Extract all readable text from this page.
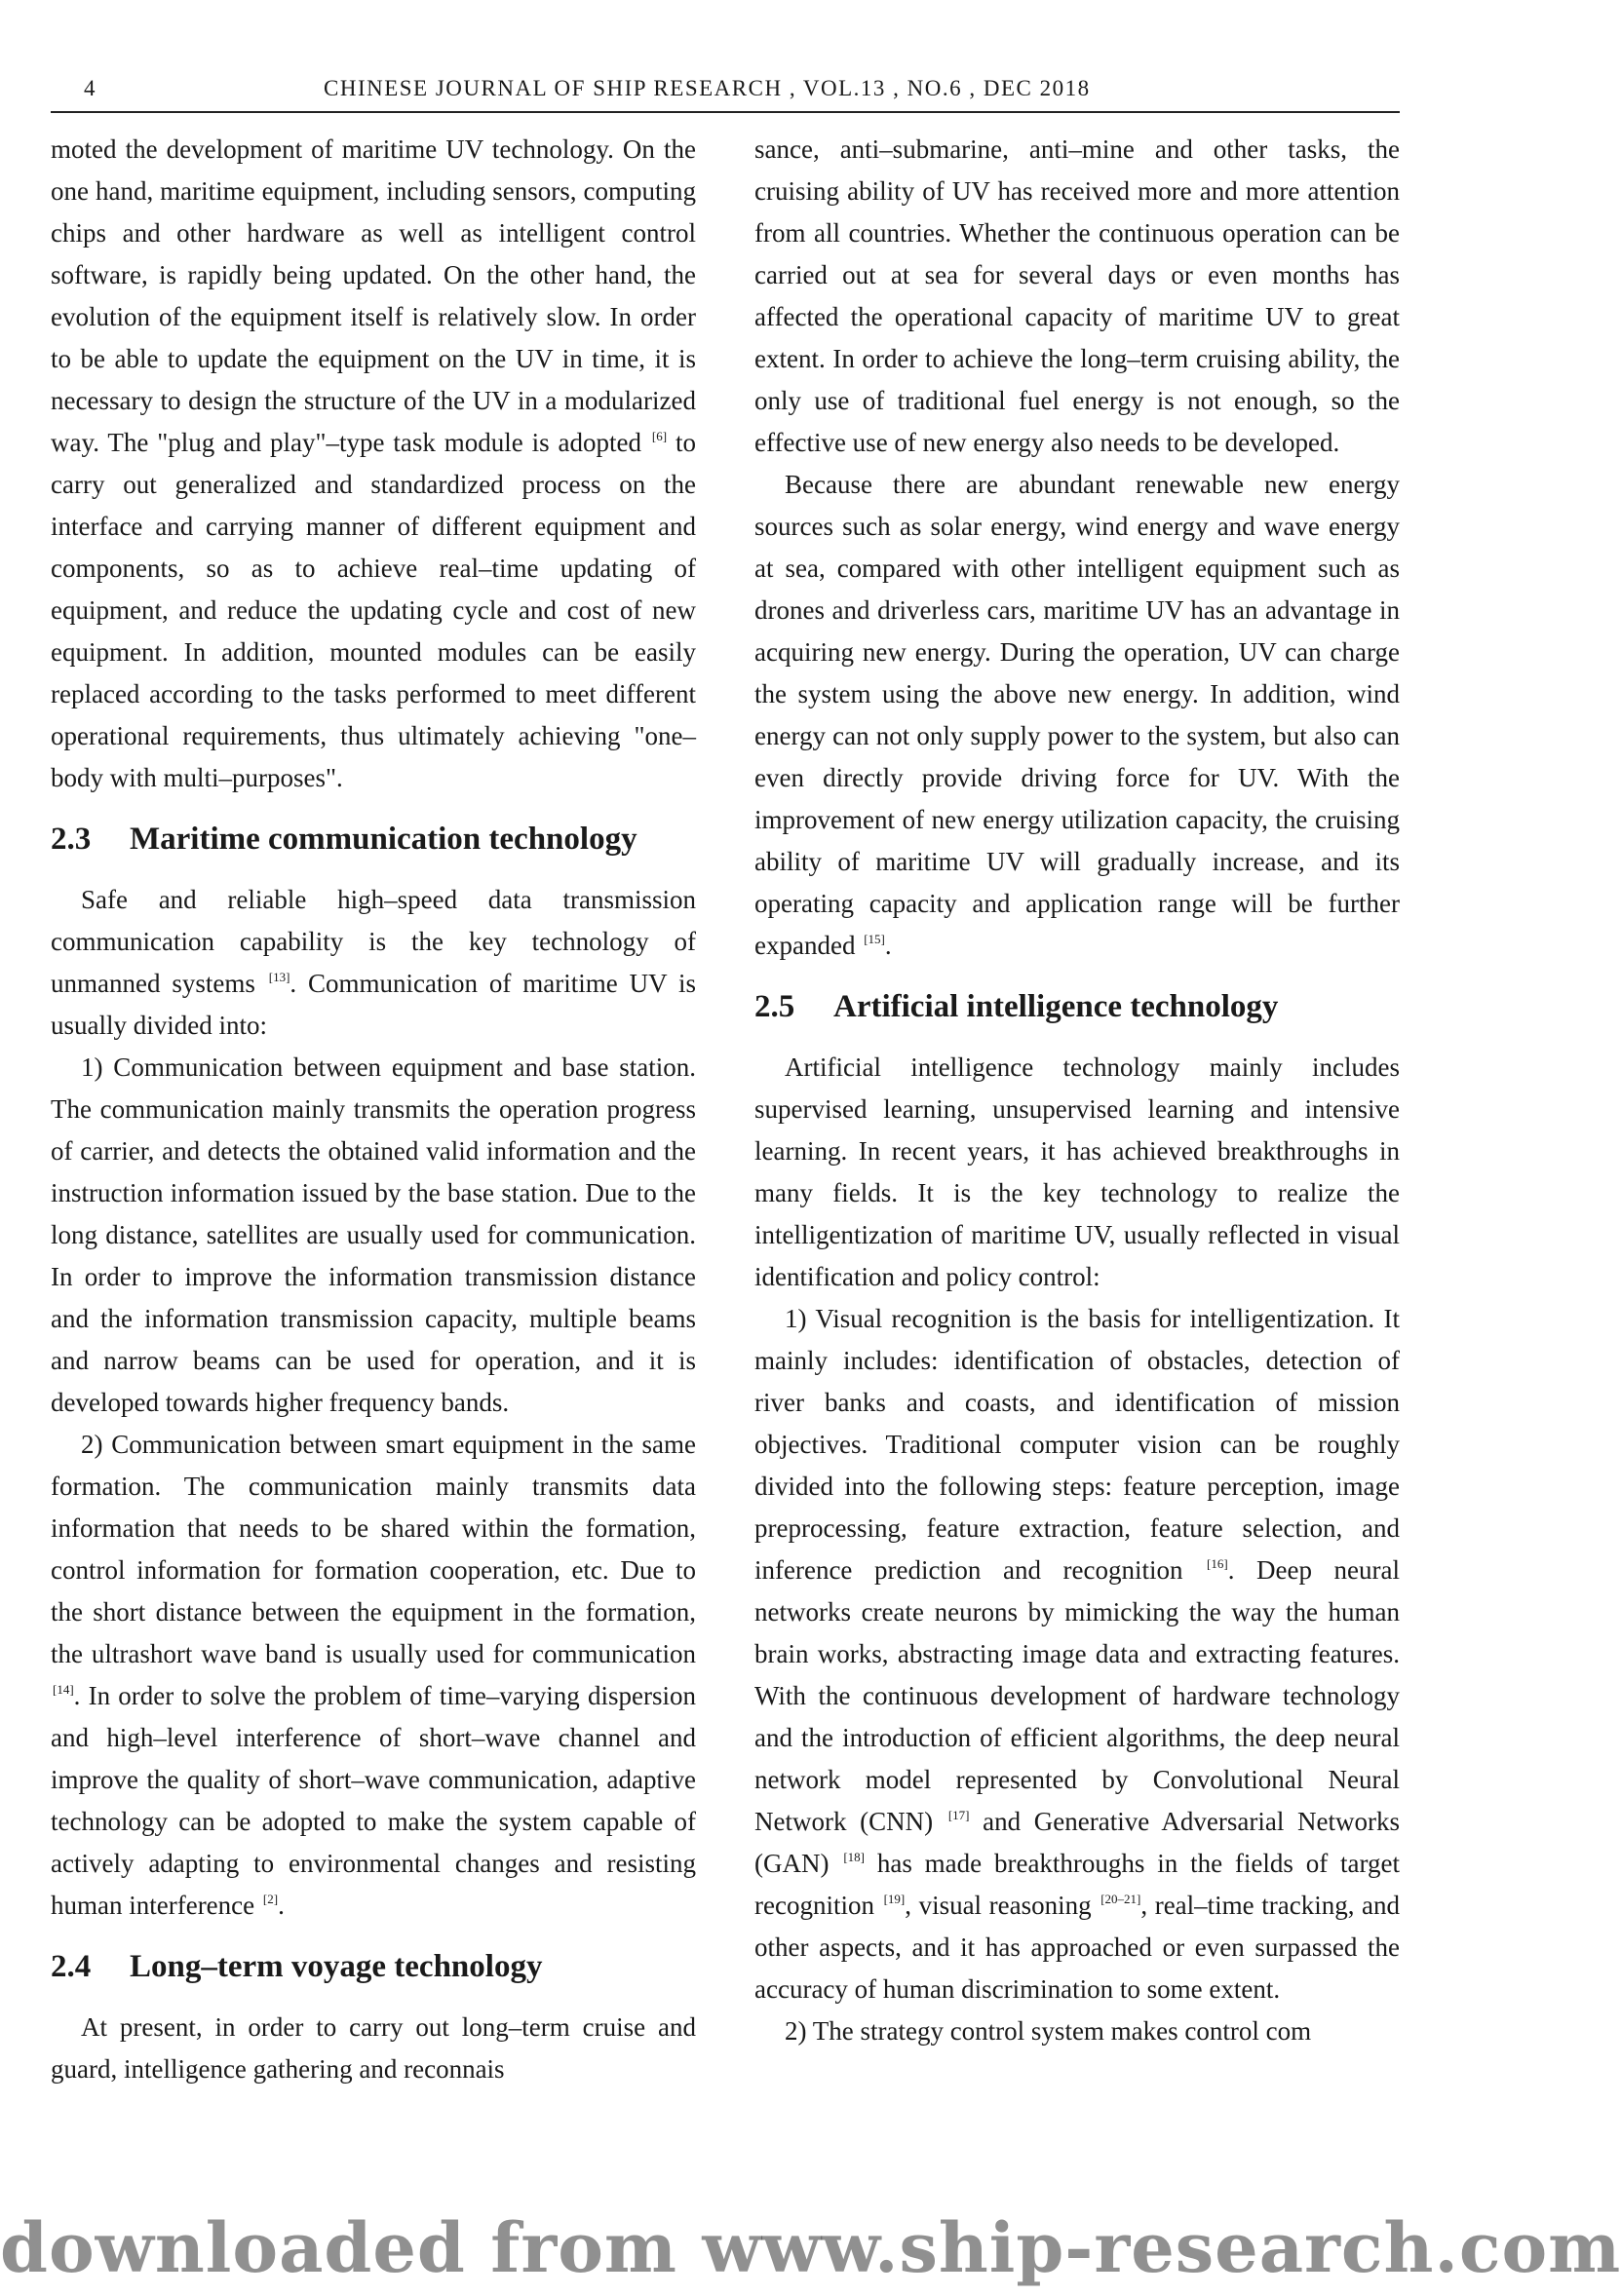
4	CHINESE JOURNAL OF SHIP RESEARCH , VOL.13 , NO.6 , DEC 2018

moted the development of maritime UV technology. On the one hand, maritime equipment, including sensors, computing chips and other hardware as well as intelligent control software, is rapidly being updated. On the other hand, the evolution of the equipment itself is relatively slow. In order to be able to update the equipment on the UV in time, it is necessary to design the structure of the UV in a modularized way. The "plug and play"–type task module is adopted [6] to carry out generalized and standardized process on the interface and carrying manner of different equipment and components, so as to achieve real–time updating of equipment, and reduce the updating cycle and cost of new equipment. In addition, mounted modules can be easily replaced according to the tasks performed to meet different operational requirements, thus ultimately achieving "one–body with multi–purposes".

2.3 Maritime communication technology

Safe and reliable high–speed data transmission communication capability is the key technology of unmanned systems [13]. Communication of maritime UV is usually divided into:

1) Communication between equipment and base station. The communication mainly transmits the operation progress of carrier, and detects the obtained valid information and the instruction information issued by the base station. Due to the long distance, satellites are usually used for communication. In order to improve the information transmission distance and the information transmission capacity, multiple beams and narrow beams can be used for operation, and it is developed towards higher frequency bands.

2) Communication between smart equipment in the same formation. The communication mainly transmits data information that needs to be shared within the formation, control information for formation cooperation, etc. Due to the short distance between the equipment in the formation, the ultrashort wave band is usually used for communication [14]. In order to solve the problem of time–varying dispersion and high–level interference of short–wave channel and improve the quality of short–wave communication, adaptive technology can be adopted to make the system capable of actively adapting to environmental changes and resisting human interference [2].

2.4 Long–term voyage technology

At present, in order to carry out long–term cruise and guard, intelligence gathering and reconnais

sance, anti–submarine, anti–mine and other tasks, the cruising ability of UV has received more and more attention from all countries. Whether the continuous operation can be carried out at sea for several days or even months has affected the operational capacity of maritime UV to great extent. In order to achieve the long–term cruising ability, the only use of traditional fuel energy is not enough, so the effective use of new energy also needs to be developed.

Because there are abundant renewable new energy sources such as solar energy, wind energy and wave energy at sea, compared with other intelligent equipment such as drones and driverless cars, maritime UV has an advantage in acquiring new energy. During the operation, UV can charge the system using the above new energy. In addition, wind energy can not only supply power to the system, but also can even directly provide driving force for UV. With the improvement of new energy utilization capacity, the cruising ability of maritime UV will gradually increase, and its operating capacity and application range will be further expanded [15].

2.5 Artificial intelligence technology

Artificial intelligence technology mainly includes supervised learning, unsupervised learning and intensive learning. In recent years, it has achieved breakthroughs in many fields. It is the key technology to realize the intelligentization of maritime UV, usually reflected in visual identification and policy control:

1) Visual recognition is the basis for intelligentization. It mainly includes: identification of obstacles, detection of river banks and coasts, and identification of mission objectives. Traditional computer vision can be roughly divided into the following steps: feature perception, image preprocessing, feature extraction, feature selection, and inference prediction and recognition [16]. Deep neural networks create neurons by mimicking the way the human brain works, abstracting image data and extracting features. With the continuous development of hardware technology and the introduction of efficient algorithms, the deep neural network model represented by Convolutional Neural Network (CNN) [17] and Generative Adversarial Networks (GAN) [18] has made breakthroughs in the fields of target recognition [19], visual reasoning [20–21], real–time tracking, and other aspects, and it has approached or even surpassed the accuracy of human discrimination to some extent.

2) The strategy control system makes control com

downloaded from www.ship-research.com
